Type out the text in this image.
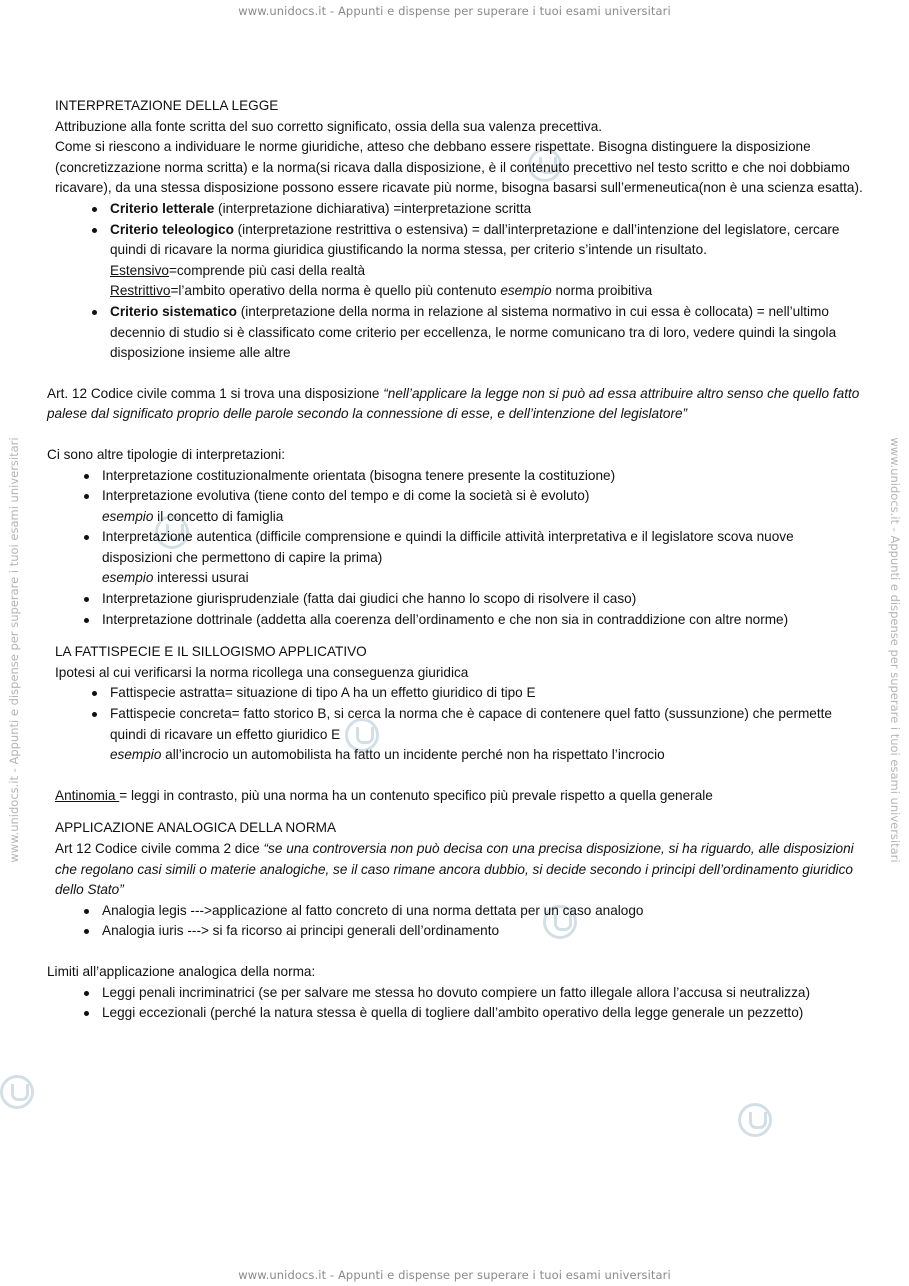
www.unidocs.it - Appunti e dispense per superare i tuoi esami universitari
www.unidocs.it - Appunti e dispense per superare i tuoi esami universitari	www.unidocs.it - Appunti e dispense per superare i tuoi esami universitari

INTERPRETAZIONE DELLA LEGGE

Attribuzione alla fonte scritta del suo corretto significato, ossia della sua valenza precettiva.

Come si riescono a individuare le norme giuridiche, atteso che debbano essere rispettate. Bisogna distinguere la disposizione (concretizzazione norma scritta) e la norma(si ricava dalla disposizione, è il contenuto precettivo nel testo scritto e che noi dobbiamo ricavare), da una stessa disposizione possono essere ricavate più norme, bisogna basarsi sull’ermeneutica(non è una scienza esatta).

Criterio letterale (interpretazione dichiarativa) =interpretazione scritta
Criterio teleologico (interpretazione restrittiva o estensiva) = dall’interpretazione e dall’intenzione del legislatore, cercare quindi di ricavare la norma giuridica giustificando la norma stessa, per criterio s’intende un risultato.
Estensivo=comprende più casi della realtà
Restrittivo=l’ambito operativo della norma è quello più contenuto esempio norma proibitiva
Criterio sistematico (interpretazione della norma in relazione al sistema normativo in cui essa è collocata) = nell’ultimo decennio di studio si è classificato come criterio per eccellenza, le norme comunicano tra di loro, vedere quindi la singola disposizione insieme alle altre

Art. 12 Codice civile comma 1 si trova una disposizione “nell’applicare la legge non si può ad essa attribuire altro senso che quello fatto palese dal significato proprio delle parole secondo la connessione di esse, e dell’intenzione del legislatore”

Ci sono altre tipologie di interpretazioni:

Interpretazione costituzionalmente orientata (bisogna tenere presente la costituzione)
Interpretazione evolutiva (tiene conto del tempo e di come la società si è evoluto)
esempio il concetto di famiglia
Interpretazione autentica (difficile comprensione e quindi la difficile attività interpretativa e il legislatore scova nuove disposizioni che permettono di capire la prima)
esempio interessi usurai
Interpretazione giurisprudenziale (fatta dai giudici che hanno lo scopo di risolvere il caso)
Interpretazione dottrinale (addetta alla coerenza dell’ordinamento e che non sia in contraddizione con altre norme)

LA FATTISPECIE E IL SILLOGISMO APPLICATIVO

Ipotesi al cui verificarsi la norma ricollega una conseguenza giuridica

Fattispecie astratta= situazione di tipo A ha un effetto giuridico di tipo E
Fattispecie concreta= fatto storico B, si cerca la norma che è capace di contenere quel fatto (sussunzione) che permette quindi di ricavare un effetto giuridico E
esempio all’incrocio un automobilista ha fatto un incidente perché non ha rispettato l’incrocio

Antinomia = leggi in contrasto, più una norma ha un contenuto specifico più prevale rispetto a quella generale

APPLICAZIONE ANALOGICA DELLA NORMA

Art 12 Codice civile comma 2 dice “se una controversia non può decisa con una precisa disposizione, si ha riguardo, alle disposizioni che regolano casi simili o materie analogiche, se il caso rimane ancora dubbio, si decide secondo i principi dell’ordinamento giuridico dello Stato”

Analogia legis --->applicazione al fatto concreto di una norma dettata per un caso analogo
Analogia iuris ---> si fa ricorso ai principi generali dell’ordinamento

Limiti all’applicazione analogica della norma:

Leggi penali incriminatrici (se per salvare me stessa ho dovuto compiere un fatto illegale allora l’accusa si neutralizza)
Leggi eccezionali (perché la natura stessa è quella di togliere dall’ambito operativo della legge generale un pezzetto)
www.unidocs.it - Appunti e dispense per superare i tuoi esami universitari
